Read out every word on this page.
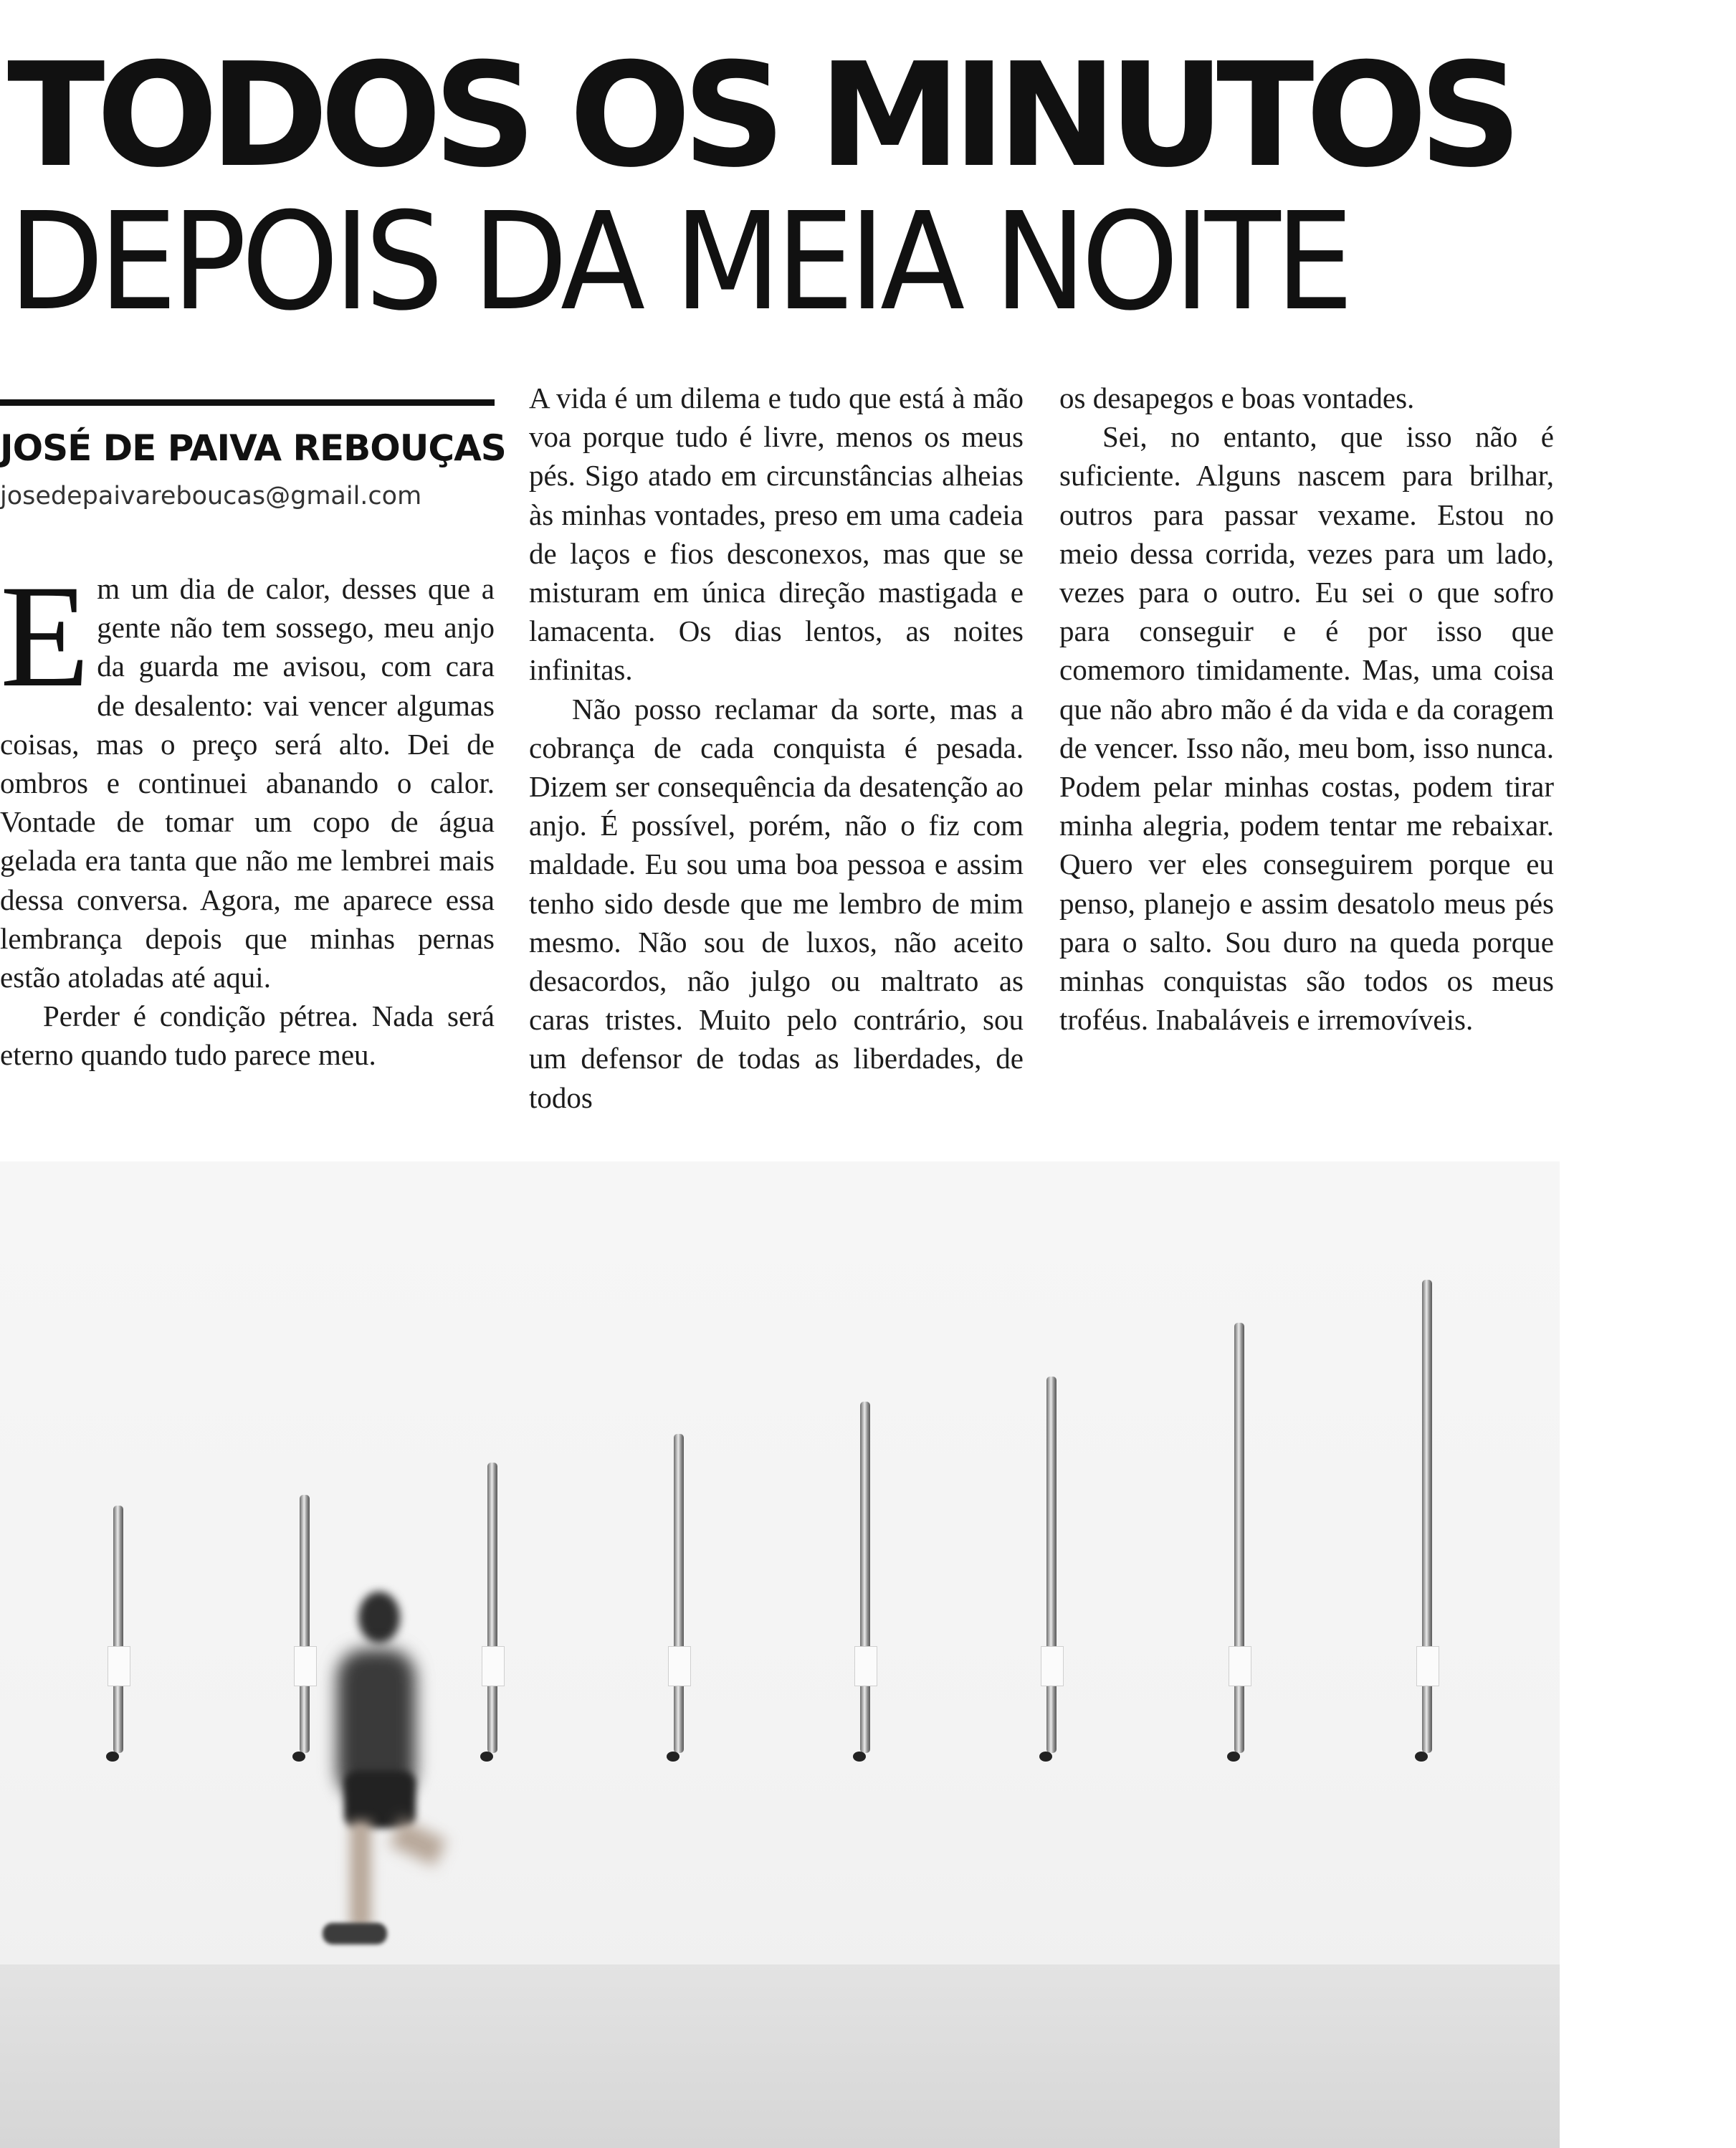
TODOS OS MINUTOS
DEPOIS DA MEIA NOITE
JOSÉ DE PAIVA REBOUÇAS
josedepaivareboucas@gmail.com

Em um dia de calor, desses que a gente não tem sossego, meu anjo da guarda me avisou, com cara de desalento: vai vencer algumas coisas, mas o preço será alto. Dei de ombros e continuei abanando o calor. Vontade de tomar um copo de água gelada era tanta que não me lembrei mais dessa conversa. Agora, me aparece essa lembrança depois que minhas pernas estão atoladas até aqui.

Perder é condição pétrea. Nada será eterno quando tudo parece meu.

A vida é um dilema e tudo que está à mão voa porque tudo é livre, menos os meus pés. Sigo atado em circunstâncias alheias às minhas vontades, preso em uma cadeia de laços e fios desconexos, mas que se misturam em única direção mastigada e lamacenta. Os dias lentos, as noites infinitas.

Não posso reclamar da sorte, mas a cobrança de cada conquista é pesada. Dizem ser consequência da desatenção ao anjo. É possível, porém, não o fiz com maldade. Eu sou uma boa pessoa e assim tenho sido desde que me lembro de mim mesmo. Não sou de luxos, não aceito desacordos, não julgo ou maltrato as caras tristes. Muito pelo contrário, sou um defensor de todas as liberdades, de todos

os desapegos e boas vontades.

Sei, no entanto, que isso não é suficiente. Alguns nascem para brilhar, outros para passar vexame. Estou no meio dessa corrida, vezes para um lado, vezes para o outro. Eu sei o que sofro para conseguir e é por isso que comemoro timidamente. Mas, uma coisa que não abro mão é da vida e da coragem de vencer. Isso não, meu bom, isso nunca. Podem pelar minhas costas, podem tirar minha alegria, podem tentar me rebaixar. Quero ver eles conseguirem porque eu penso, planejo e assim desatolo meus pés para o salto. Sou duro na queda porque minhas conquistas são todos os meus troféus. Inabaláveis e irremovíveis.
